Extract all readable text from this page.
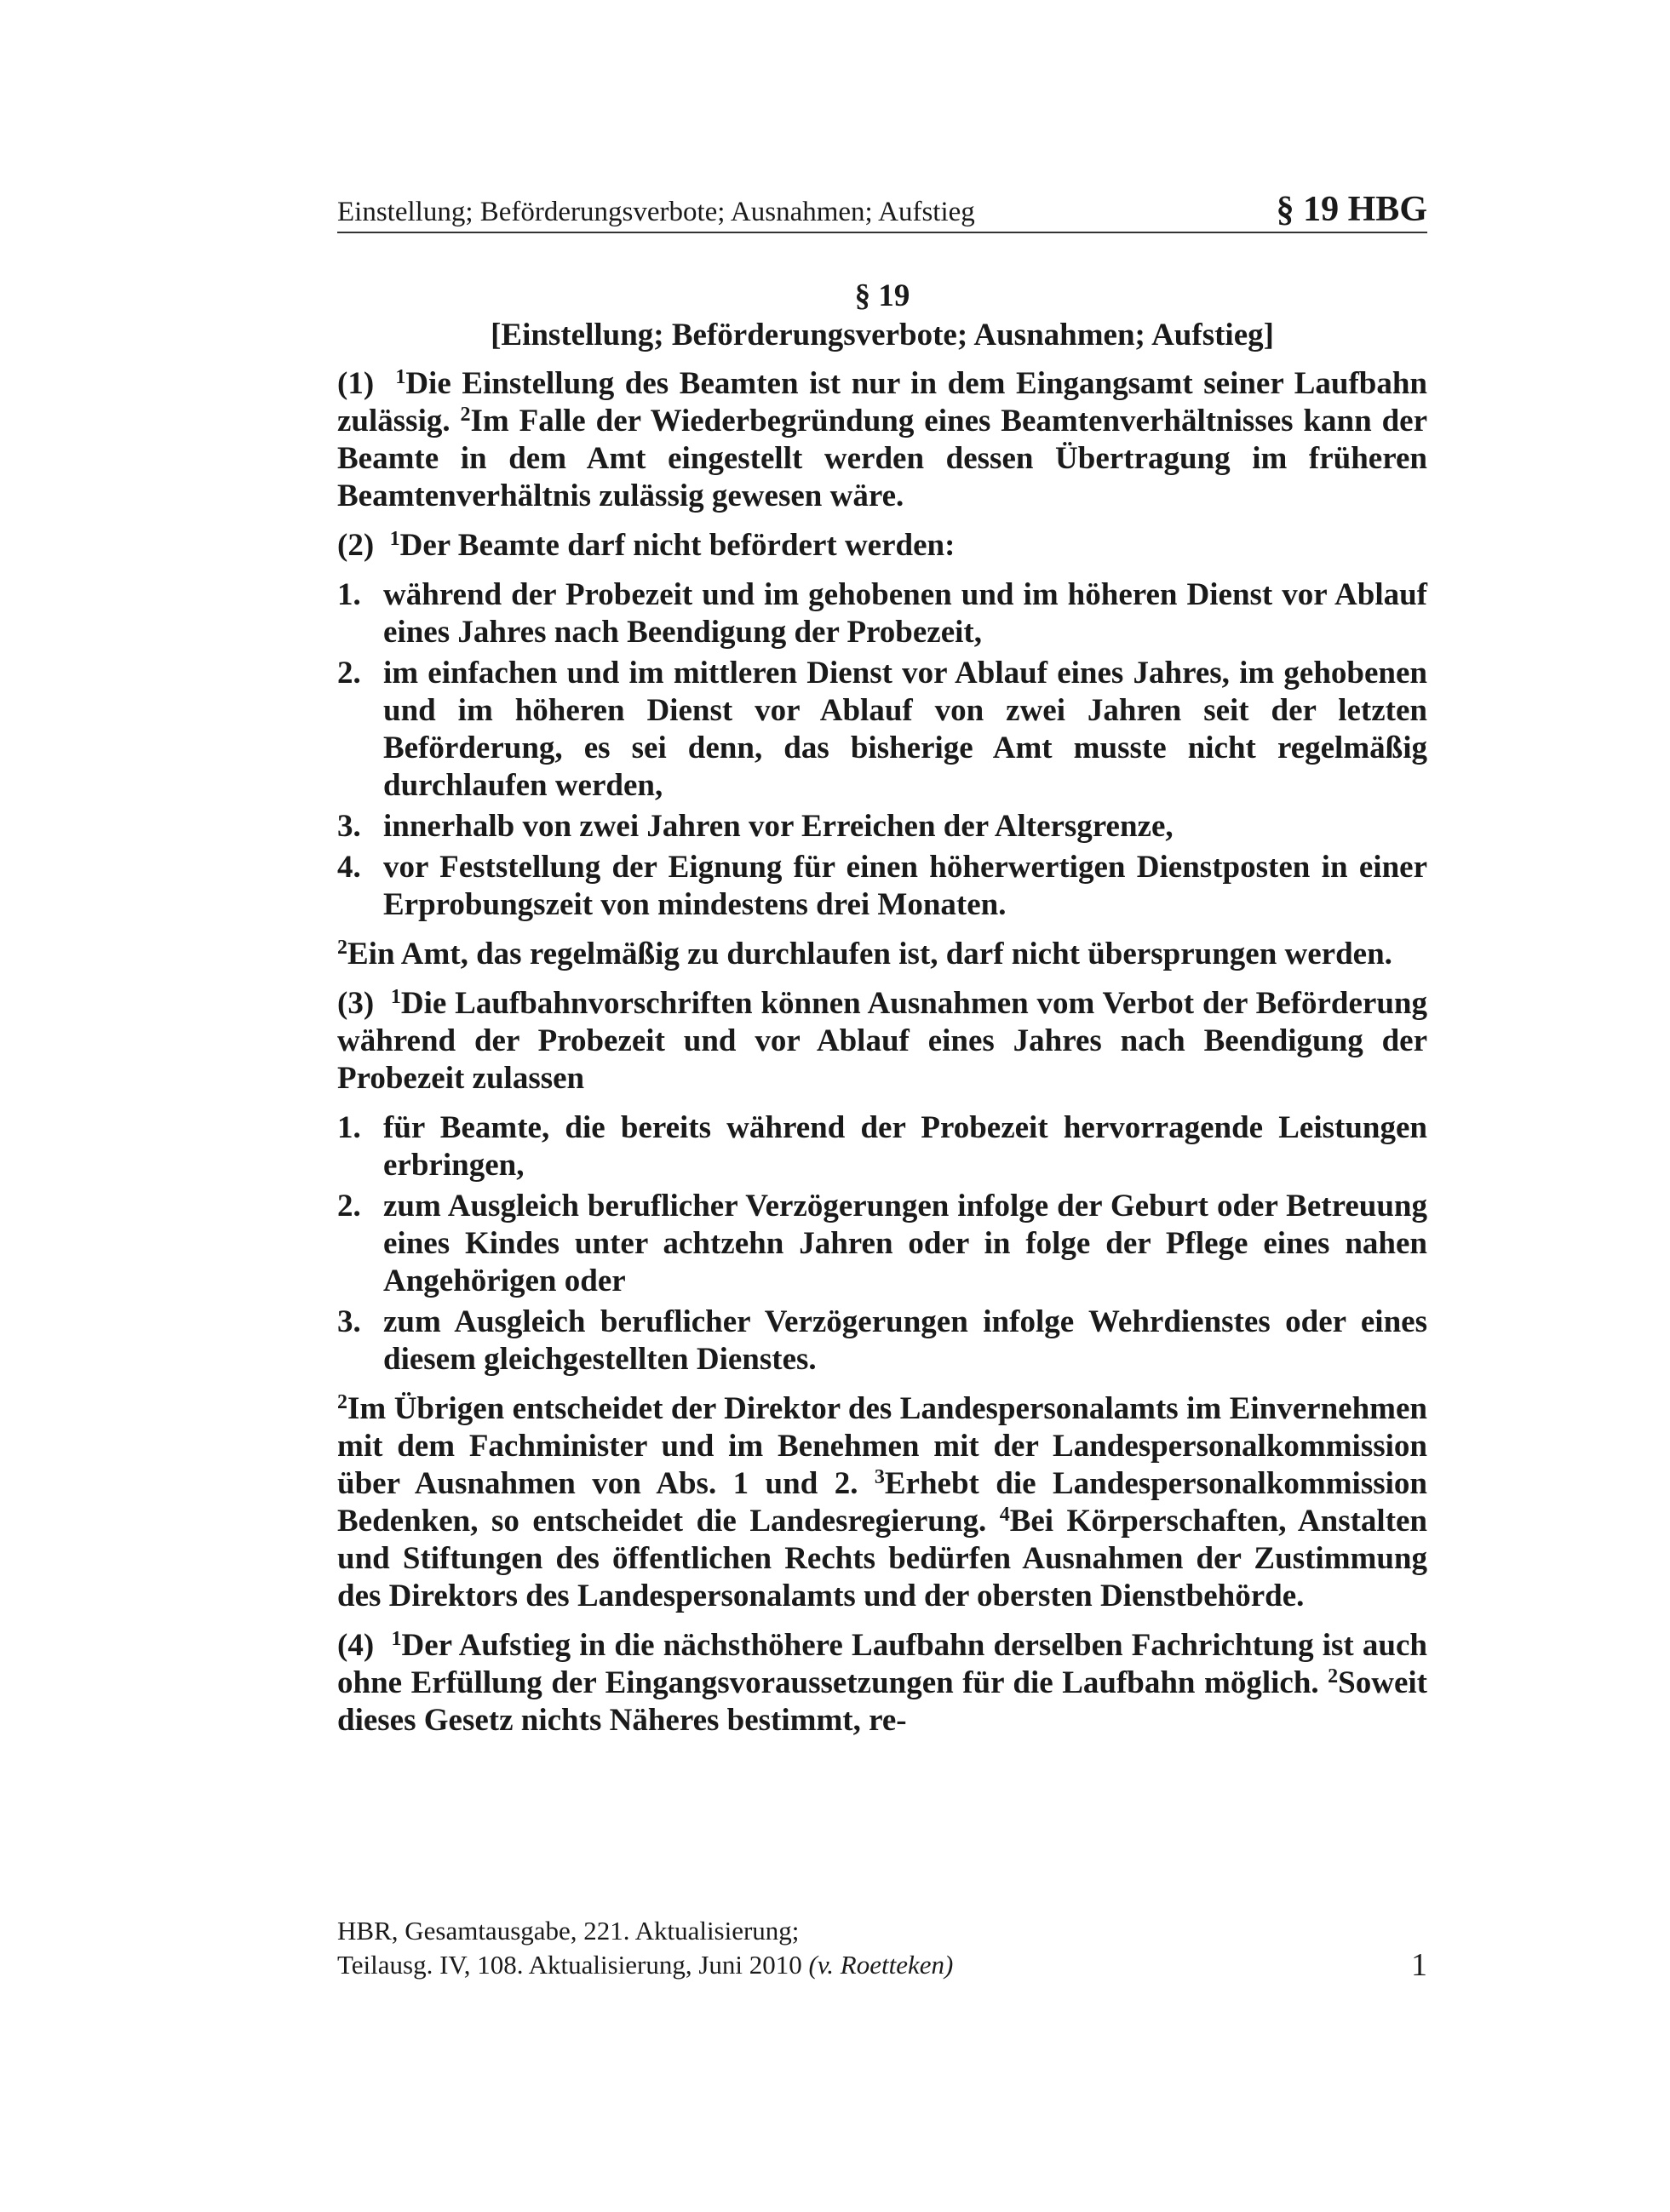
Einstellung; Beförderungsverbote; Ausnahmen; Aufstieg	§ 19 HBG
§ 19
[Einstellung; Beförderungsverbote; Ausnahmen; Aufstieg]
(1) $^1$Die Einstellung des Beamten ist nur in dem Eingangsamt seiner Laufbahn zulässig. $^2$Im Falle der Wiederbegründung eines Beamtenverhältnisses kann der Beamte in dem Amt eingestellt werden dessen Übertragung im früheren Beamtenverhältnis zulässig gewesen wäre.
(2) $^1$Der Beamte darf nicht befördert werden:
1. während der Probezeit und im gehobenen und im höheren Dienst vor Ablauf eines Jahres nach Beendigung der Probezeit,
2. im einfachen und im mittleren Dienst vor Ablauf eines Jahres, im gehobenen und im höheren Dienst vor Ablauf von zwei Jahren seit der letzten Beförderung, es sei denn, das bisherige Amt musste nicht regelmäßig durchlaufen werden,
3. innerhalb von zwei Jahren vor Erreichen der Altersgrenze,
4. vor Feststellung der Eignung für einen höherwertigen Dienstposten in einer Erprobungszeit von mindestens drei Monaten.
$^2$Ein Amt, das regelmäßig zu durchlaufen ist, darf nicht übersprungen werden.
(3) $^1$Die Laufbahnvorschriften können Ausnahmen vom Verbot der Beförderung während der Probezeit und vor Ablauf eines Jahres nach Beendigung der Probezeit zulassen
1. für Beamte, die bereits während der Probezeit hervorragende Leistungen erbringen,
2. zum Ausgleich beruflicher Verzögerungen infolge der Geburt oder Betreuung eines Kindes unter achtzehn Jahren oder in folge der Pflege eines nahen Angehörigen oder
3. zum Ausgleich beruflicher Verzögerungen infolge Wehrdienstes oder eines diesem gleichgestellten Dienstes.
$^2$Im Übrigen entscheidet der Direktor des Landespersonalamts im Einvernehmen mit dem Fachminister und im Benehmen mit der Landespersonalkommission über Ausnahmen von Abs. 1 und 2. $^3$Erhebt die Landespersonalkommission Bedenken, so entscheidet die Landesregierung. $^4$Bei Körperschaften, Anstalten und Stiftungen des öffentlichen Rechts bedürfen Ausnahmen der Zustimmung des Direktors des Landespersonalamts und der obersten Dienstbehörde.
(4) $^1$Der Aufstieg in die nächsthöhere Laufbahn derselben Fachrichtung ist auch ohne Erfüllung der Eingangsvoraussetzungen für die Laufbahn möglich. $^2$Soweit dieses Gesetz nichts Näheres bestimmt, re-
HBR, Gesamtausgabe, 221. Aktualisierung;
Teilausg. IV, 108. Aktualisierung, Juni 2010 (v. Roetteken)	1
